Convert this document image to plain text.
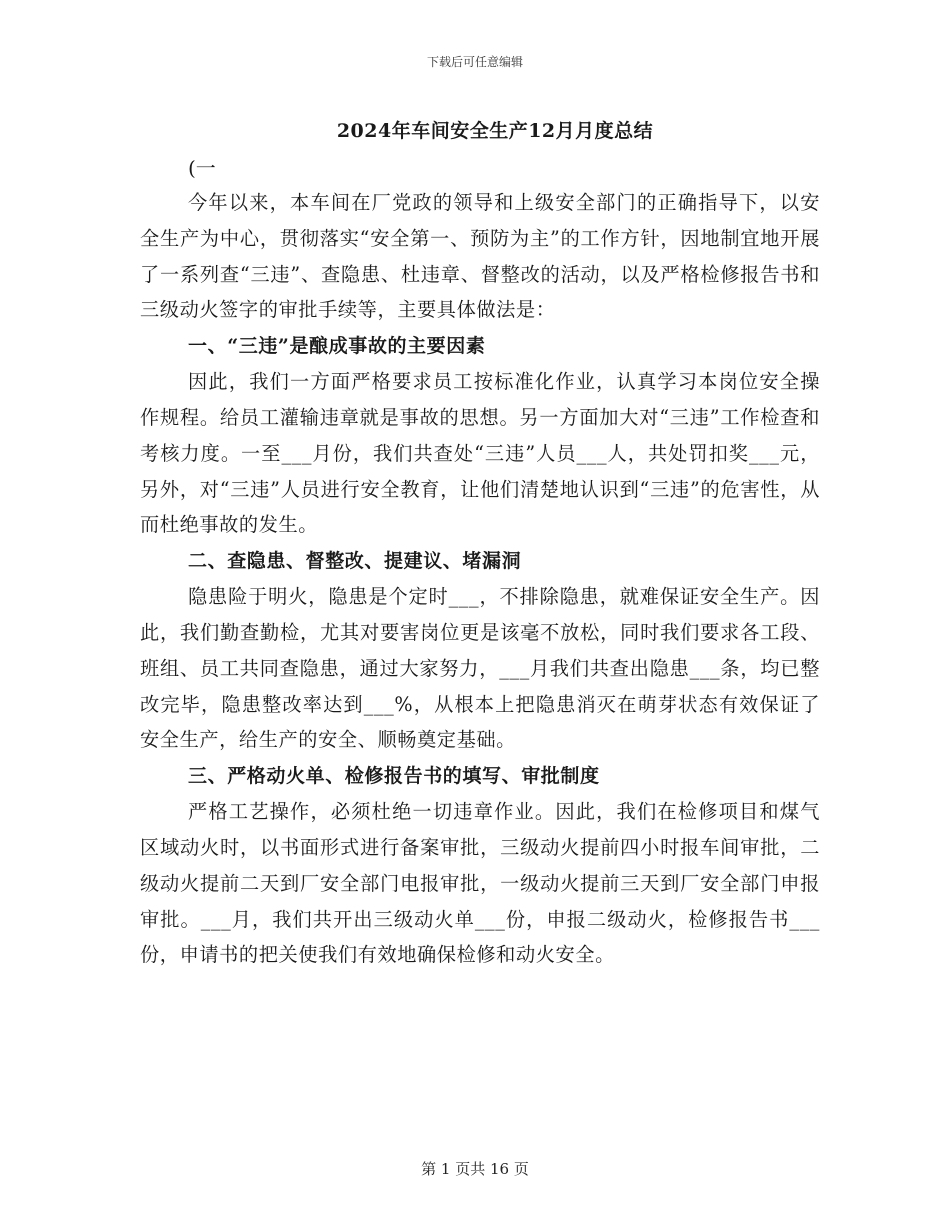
下载后可任意编辑
2024年车间安全生产12月月度总结
(一

今年以来，本车间在厂党政的领导和上级安全部门的正确指导下，以安全生产为中心，贯彻落实“安全第一、预防为主”的工作方针，因地制宜地开展了一系列查“三违”、查隐患、杜违章、督整改的活动，以及严格检修报告书和三级动火签字的审批手续等，主要具体做法是：

一、“三违”是酿成事故的主要因素

因此，我们一方面严格要求员工按标准化作业，认真学习本岗位安全操作规程。给员工灌输违章就是事故的思想。另一方面加大对“三违”工作检查和考核力度。一至___月份，我们共查处“三违”人员___人，共处罚扣奖___元，另外，对“三违”人员进行安全教育，让他们清楚地认识到“三违”的危害性，从而杜绝事故的发生。

二、查隐患、督整改、提建议、堵漏洞

隐患险于明火，隐患是个定时___，不排除隐患，就难保证安全生产。因此，我们勤查勤检，尤其对要害岗位更是该毫不放松，同时我们要求各工段、班组、员工共同查隐患，通过大家努力，___月我们共查出隐患___条，均已整改完毕，隐患整改率达到___%，从根本上把隐患消灭在萌芽状态有效保证了安全生产，给生产的安全、顺畅奠定基础。

三、严格动火单、检修报告书的填写、审批制度

严格工艺操作，必须杜绝一切违章作业。因此，我们在检修项目和煤气区域动火时，以书面形式进行备案审批，三级动火提前四小时报车间审批，二级动火提前二天到厂安全部门电报审批，一级动火提前三天到厂安全部门申报审批。___月，我们共开出三级动火单___份，申报二级动火，检修报告书___份，申请书的把关使我们有效地确保检修和动火安全。

第 1 页共 16 页
